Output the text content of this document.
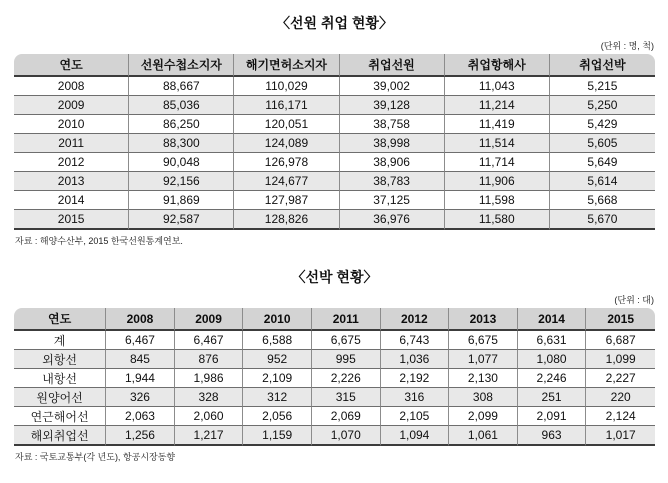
〈선원 취업 현황〉
(단위 : 명, 척)
연도	선원수첩소지자	해기면허소지자	취업선원	취업항해사	취업선박
2008	88,667	110,029	39,002	11,043	5,215
2009	85,036	116,171	39,128	11,214	5,250
2010	86,250	120,051	38,758	11,419	5,429
2011	88,300	124,089	38,998	11,514	5,605
2012	90,048	126,978	38,906	11,714	5,649
2013	92,156	124,677	38,783	11,906	5,614
2014	91,869	127,987	37,125	11,598	5,668
2015	92,587	128,826	36,976	11,580	5,670
자료 : 해양수산부, 2015 한국선원통계연보.
〈선박 현황〉
(단위 : 대)
연도	2008	2009	2010	2011	2012	2013	2014	2015
계	6,467	6,467	6,588	6,675	6,743	6,675	6,631	6,687
외항선	845	876	952	995	1,036	1,077	1,080	1,099
내항선	1,944	1,986	2,109	2,226	2,192	2,130	2,246	2,227
원양어선	326	328	312	315	316	308	251	220
연근해어선	2,063	2,060	2,056	2,069	2,105	2,099	2,091	2,124
해외취업선	1,256	1,217	1,159	1,070	1,094	1,061	963	1,017
자료 : 국토교통부(각 년도), 항공시장동향
